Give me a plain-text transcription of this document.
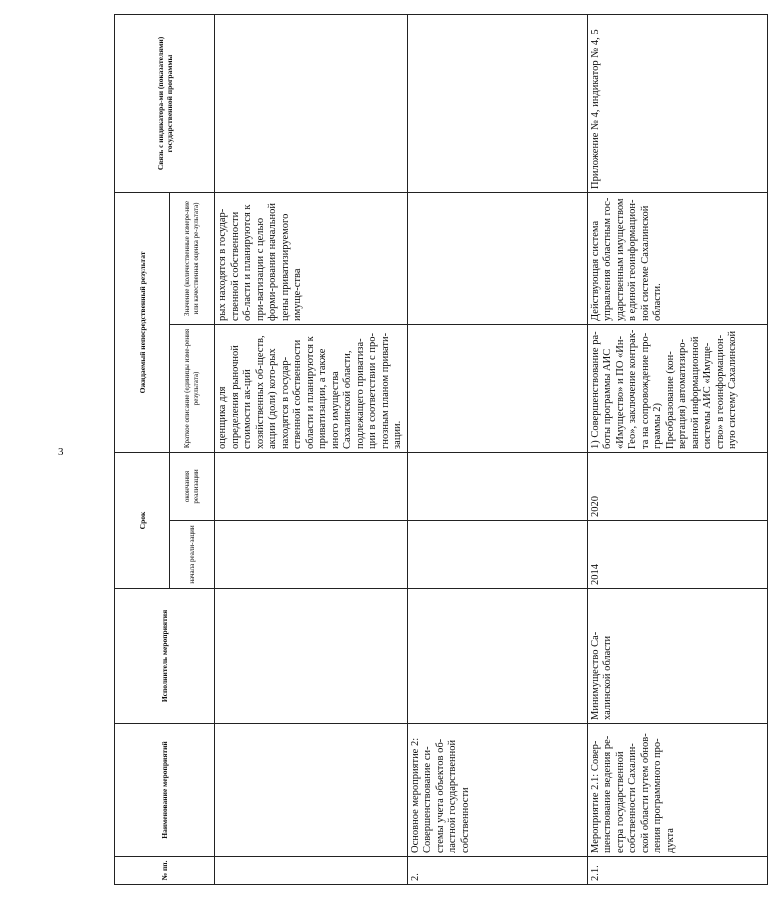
3
№ пп.	Наименование мероприятий	Исполнитель мероприятия	Срок		Ожидаемый непосредственный результат		Связь с индикатора-ми (показателями) государственной программы
			начала реали-зации	окончания реализации	Краткое описание (единицы изме-рения результата)	Значение (количественные измере-ние или качественная оценка ре-зультата)	
					оценщика для определения рыночной стоимости ак-ций хозяйственных об-ществ, акции (доли) кото-рых находятся в государ-ственной собственности области и планируются к приватизации, а также иного имущества Сахалинской области, подлежащего приватиза-ции в соответствии с про-гнозным планом привати-зации.	рых находятся в государ-ственной собственности об-ласти и планируются к при-ватизации с целью форми-рования начальной цены приватизируемого имуще-ства	
2.	Основное мероприятие 2: Совершенствование си-стемы учета объектов об-ластной государственной собственности						
2.1.	Мероприятие 2.1: Совер-шенствование ведения ре-естра государственной собственности Сахалин-ской области путем обнов-ления программного про-дукта	Минимущество Са-халинской области	2014	2020	1) Совершенствование ра-боты программы АИС «Имущество» и ПО «Ин-Гео», заключение контрак-та на сопровождение про-граммы 2) Преобразование (кон-вертация) автоматизиро-ванной информационной системы АИС «Имуще-ство» в геоинформацион-ную систему Сахалинской	Действующая система управления областным гос-ударственным имуществом в единой геоинформацион-ной системе Сахалинской области.	Приложение № 4, индикатор № 4, 5
